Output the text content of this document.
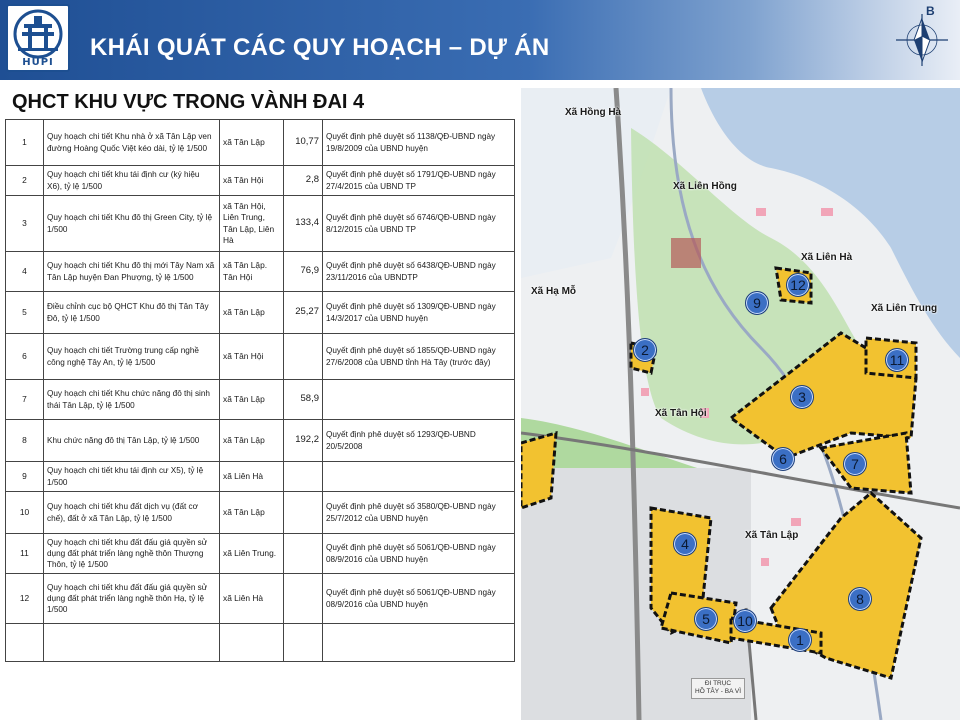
HUPI
KHÁI QUÁT CÁC QUY HOẠCH – DỰ ÁN
B
QHCT KHU VỰC TRONG VÀNH ĐAI 4
1	Quy hoạch chi tiết Khu nhà ở xã Tân Lập ven đường Hoàng Quốc Việt kéo dài, tỷ lệ 1/500	xã Tân Lập	10,77	Quyết định phê duyệt số 1138/QĐ-UBND ngày 19/8/2009 của UBND huyện
2	Quy hoạch chi tiết khu tái định cư (ký hiệu X6), tỷ lệ 1/500	xã Tân Hội	2,8	Quyết định phê duyệt số 1791/QĐ-UBND ngày 27/4/2015 của UBND TP
3	Quy hoạch chi tiết Khu đô thị Green City, tỷ lệ 1/500	xã Tân Hội, Liên Trung, Tân Lập, Liên Hà	133,4	Quyết định phê duyệt số 6746/QĐ-UBND ngày 8/12/2015 của UBND TP
4	Quy hoạch chi tiết Khu đô thị mới Tây Nam xã Tân Lập huyện Đan Phượng, tỷ lệ 1/500	xã Tân Lập. Tân Hội	76,9	Quyết định phê duyệt số 6438/QĐ-UBND ngày 23/11/2016 của UBNDTP
5	Điều chỉnh cục bộ QHCT Khu đô thị Tân Tây Đô, tỷ lệ 1/500	xã Tân Lập	25,27	Quyết định phê duyệt số 1309/QĐ-UBND ngày 14/3/2017 của UBND huyện
6	Quy hoạch chi tiết Trường trung cấp nghề công nghệ Tây An, tỷ lệ 1/500	xã Tân Hội		Quyết định phê duyệt số 1855/QĐ-UBND ngày 27/6/2008 của UBND tỉnh Hà Tây (trước đây)
7	Quy hoạch chi tiết Khu chức năng đô thị sinh thái Tân Lập, tỷ lệ 1/500	xã Tân Lập	58,9	
8	Khu chức năng đô thị Tân Lập, tỷ lệ 1/500	xã Tân Lập	192,2	Quyết định phê duyệt số 1293/QĐ-UBND 20/5/2008
9	Quy hoạch chi tiết khu tái định cư X5), tỷ lệ 1/500	xã Liên Hà		
10	Quy hoạch chi tiết khu đất dịch vụ (đất cơ chế), đất ở xã Tân Lập, tỷ lệ 1/500	xã Tân Lập		Quyết định phê duyệt số 3580/QĐ-UBND ngày 25/7/2012 của UBND huyện
11	Quy hoạch chi tiết khu đất đấu giá quyền sử dụng đất phát triển làng nghề thôn Thượng Thôn, tỷ lệ 1/500	xã Liên Trung.		Quyết định phê duyệt số 5061/QĐ-UBND ngày 08/9/2016 của UBND huyện
12	Quy hoạch chi tiết khu đất đấu giá quyền sử dụng đất phát triển làng nghề thôn Hạ, tỷ lệ 1/500	xã Liên Hà		Quyết định phê duyệt số 5061/QĐ-UBND ngày 08/9/2016 của UBND huyện

Xã Hồng Hà
Xã Liên Hồng
Xã Liên Hà
Xã Hạ Mỗ
Xã Liên Trung
Xã Tân Hội
Xã Tân Lập
1
2
3
4
5
6	7
8
9
10
11
12
ĐI TRỤC
HỒ TÂY - BA VÌ
